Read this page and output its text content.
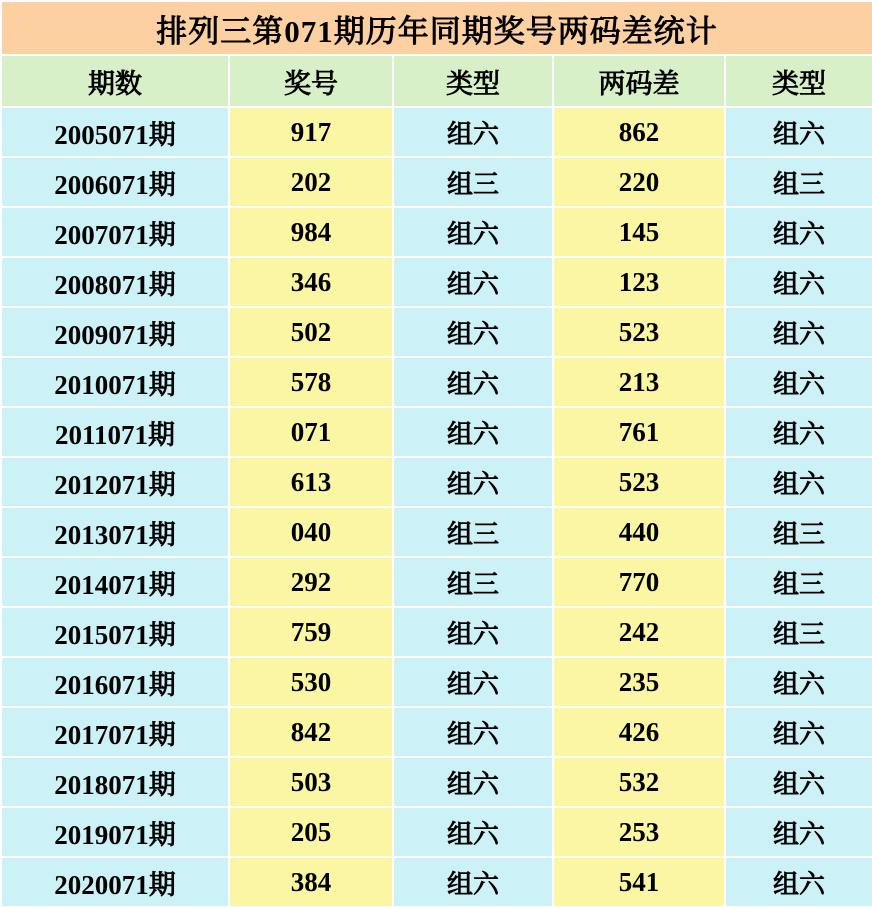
排列三第071期历年同期奖号两码差统计				
期数	奖号	类型	两码差	类型
2005071期	917	组六	862	组六
2006071期	202	组三	220	组三
2007071期	984	组六	145	组六
2008071期	346	组六	123	组六
2009071期	502	组六	523	组六
2010071期	578	组六	213	组六
2011071期	071	组六	761	组六
2012071期	613	组六	523	组六
2013071期	040	组三	440	组三
2014071期	292	组三	770	组三
2015071期	759	组六	242	组三
2016071期	530	组六	235	组六
2017071期	842	组六	426	组六
2018071期	503	组六	532	组六
2019071期	205	组六	253	组六
2020071期	384	组六	541	组六
